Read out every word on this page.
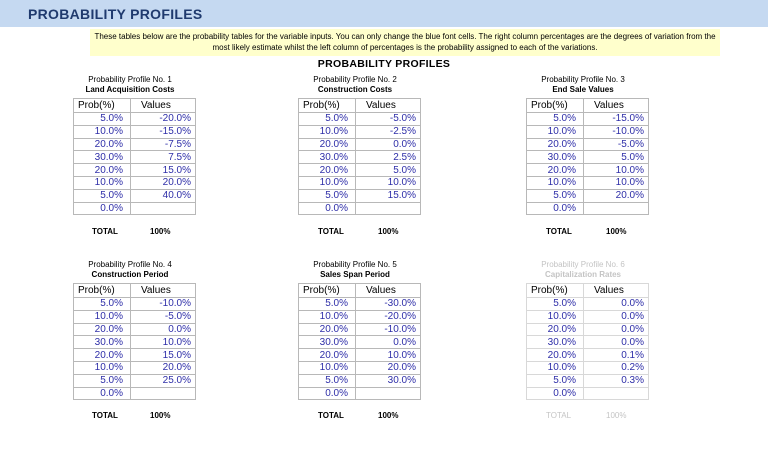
PROBABILITY PROFILES
These tables below are the probability tables for the variable inputs. You can only change the blue font cells. The right column percentages are the degrees of variation from the most likely estimate whilst the left column of percentages is the probability assigned to each of the variations.
PROBABILITY PROFILES
Probability Profile No. 1
Land Acquisition Costs
Prob(%)	Values
5.0%	-20.0%
10.0%	-15.0%
20.0%	-7.5%
30.0%	7.5%
20.0%	15.0%
10.0%	20.0%
5.0%	40.0%
0.0%	
TOTAL	100%
Probability Profile No. 2
Construction Costs
Prob(%)	Values
5.0%	-5.0%
10.0%	-2.5%
20.0%	0.0%
30.0%	2.5%
20.0%	5.0%
10.0%	10.0%
5.0%	15.0%
0.0%	
TOTAL	100%
Probability Profile No. 3
End Sale Values
Prob(%)	Values
5.0%	-15.0%
10.0%	-10.0%
20.0%	-5.0%
30.0%	5.0%
20.0%	10.0%
10.0%	10.0%
5.0%	20.0%
0.0%	
TOTAL	100%
Probability Profile No. 4
Construction Period
Prob(%)	Values
5.0%	-10.0%
10.0%	-5.0%
20.0%	0.0%
30.0%	10.0%
20.0%	15.0%
10.0%	20.0%
5.0%	25.0%
0.0%	
TOTAL	100%
Probability Profile No. 5
Sales Span Period
Prob(%)	Values
5.0%	-30.0%
10.0%	-20.0%
20.0%	-10.0%
30.0%	0.0%
20.0%	10.0%
10.0%	20.0%
5.0%	30.0%
0.0%	
TOTAL	100%
Probability Profile No. 6
Capitalization Rates
Prob(%)	Values
5.0%	0.0%
10.0%	0.0%
20.0%	0.0%
30.0%	0.0%
20.0%	0.1%
10.0%	0.2%
5.0%	0.3%
0.0%	
TOTAL	100%
